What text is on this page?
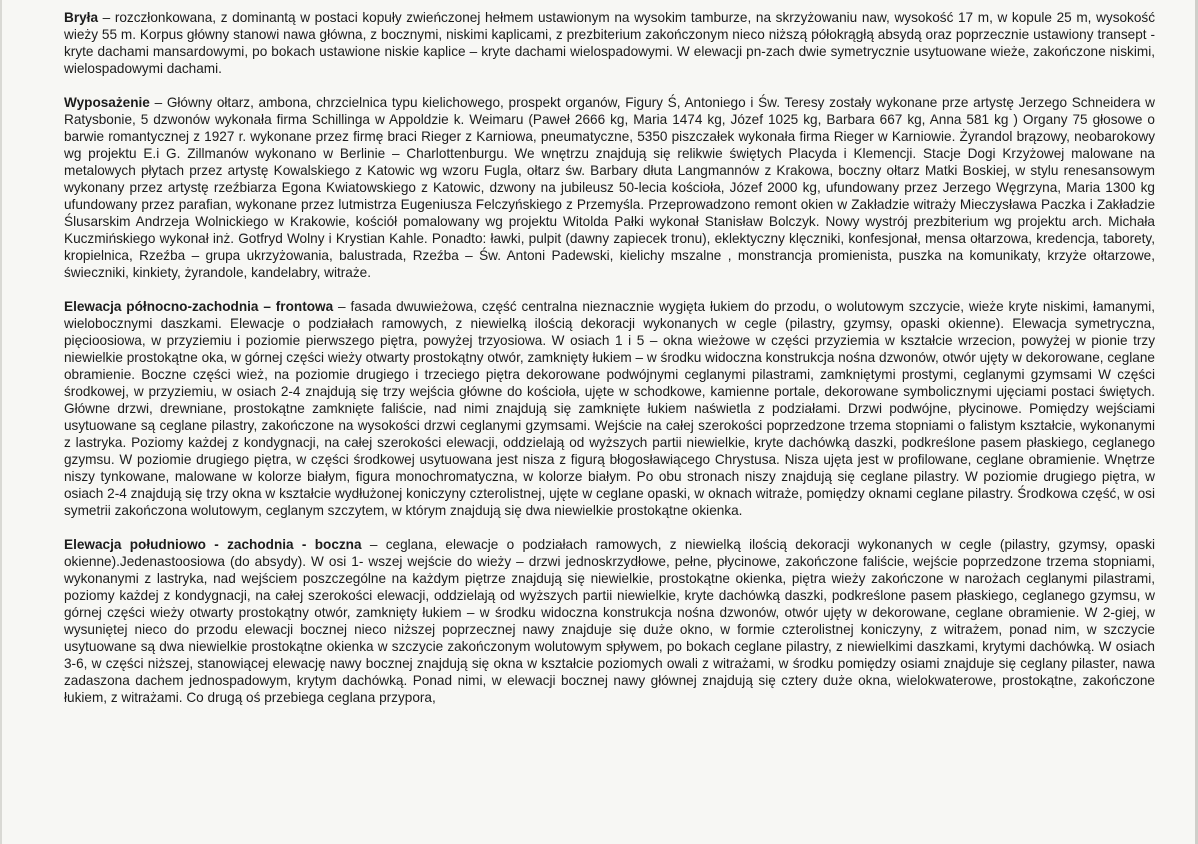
Bryła – rozczłonkowana, z dominantą w postaci kopuły zwieńczonej hełmem ustawionym na wysokim tamburze, na skrzyżowaniu naw, wysokość 17 m, w kopule 25 m, wysokość wieży 55 m. Korpus główny stanowi nawa główna, z bocznymi, niskimi kaplicami, z prezbiterium zakończonym nieco niższą półokrągłą absydą oraz poprzecznie ustawiony transept - kryte dachami mansardowymi, po bokach ustawione niskie kaplice – kryte dachami wielospadowymi. W elewacji pn-zach dwie symetrycznie usytuowane wieże, zakończone niskimi, wielospadowymi dachami.

Wyposażenie – Główny ołtarz, ambona, chrzcielnica typu kielichowego, prospekt organów, Figury Ś, Antoniego i Św. Teresy zostały wykonane prze artystę Jerzego Schneidera w Ratysbonie, 5 dzwonów wykonała firma Schillinga w Appoldzie k. Weimaru (Paweł 2666 kg, Maria 1474 kg, Józef 1025 kg, Barbara 667 kg, Anna 581 kg ) Organy 75 głosowe o barwie romantycznej z 1927 r. wykonane przez firmę braci Rieger z Karniowa, pneumatyczne, 5350 piszczałek wykonała firma Rieger w Karniowie. Żyrandol brązowy, neobarokowy wg projektu E.i G. Zillmanów wykonano w Berlinie – Charlottenburgu. We wnętrzu znajdują się relikwie świętych Placyda i Klemencji. Stacje Dogi Krzyżowej malowane na metalowych płytach przez artystę Kowalskiego z Katowic wg wzoru Fugla, ołtarz św. Barbary dłuta Langmannów z Krakowa, boczny ołtarz Matki Boskiej, w stylu renesansowym wykonany przez artystę rzeźbiarza Egona Kwiatowskiego z Katowic, dzwony na jubileusz 50-lecia kościoła, Józef 2000 kg, ufundowany przez Jerzego Węgrzyna, Maria 1300 kg ufundowany przez parafian, wykonane przez lutmistrza Eugeniusza Felczyńskiego z Przemyśla. Przeprowadzono remont okien w Zakładzie witraży Mieczysława Paczka i Zakładzie Ślusarskim Andrzeja Wolnickiego w Krakowie, kościół pomalowany wg projektu Witolda Pałki wykonał Stanisław Bolczyk. Nowy wystrój prezbiterium wg projektu arch. Michała Kuczmińskiego wykonał inż. Gotfryd Wolny i Krystian Kahle. Ponadto: ławki, pulpit (dawny zapiecek tronu), eklektyczny klęczniki, konfesjonał, mensa ołtarzowa, kredencja, taborety, kropielnica, Rzeźba – grupa ukrzyżowania, balustrada, Rzeźba – Św. Antoni Padewski, kielichy mszalne , monstrancja promienista, puszka na komunikaty, krzyże ołtarzowe, świeczniki, kinkiety, żyrandole, kandelabry, witraże.

Elewacja północno-zachodnia – frontowa – fasada dwuwieżowa, część centralna nieznacznie wygięta łukiem do przodu, o wolutowym szczycie, wieże kryte niskimi, łamanymi, wielobocznymi daszkami. Elewacje o podziałach ramowych, z niewielką ilością dekoracji wykonanych w cegle (pilastry, gzymsy, opaski okienne). Elewacja symetryczna, pięcioosiowa, w przyziemiu i poziomie pierwszego piętra, powyżej trzyosiowa. W osiach 1 i 5 – okna wieżowe w części przyziemia w kształcie wrzecion, powyżej w pionie trzy niewielkie prostokątne oka, w górnej części wieży otwarty prostokątny otwór, zamknięty łukiem – w środku widoczna konstrukcja nośna dzwonów, otwór ujęty w dekorowane, ceglane obramienie. Boczne części wież, na poziomie drugiego i trzeciego piętra dekorowane podwójnymi ceglanymi pilastrami, zamkniętymi prostymi, ceglanymi gzymsami W części środkowej, w przyziemiu, w osiach 2-4 znajdują się trzy wejścia główne do kościoła, ujęte w schodkowe, kamienne portale, dekorowane symbolicznymi ujęciami postaci świętych. Główne drzwi, drewniane, prostokątne zamknięte faliście, nad nimi znajdują się zamknięte łukiem naświetla z podziałami. Drzwi podwójne, płycinowe. Pomiędzy wejściami usytuowane są ceglane pilastry, zakończone na wysokości drzwi ceglanymi gzymsami. Wejście na całej szerokości poprzedzone trzema stopniami o falistym kształcie, wykonanymi z lastryka. Poziomy każdej z kondygnacji, na całej szerokości elewacji, oddzielają od wyższych partii niewielkie, kryte dachówką daszki, podkreślone pasem płaskiego, ceglanego gzymsu. W poziomie drugiego piętra, w części środkowej usytuowana jest nisza z figurą błogosławiącego Chrystusa. Nisza ujęta jest w profilowane, ceglane obramienie. Wnętrze niszy tynkowane, malowane w kolorze białym, figura monochromatyczna, w kolorze białym. Po obu stronach niszy znajdują się ceglane pilastry. W poziomie drugiego piętra, w osiach 2-4 znajdują się trzy okna w kształcie wydłużonej koniczyny czterolistnej, ujęte w ceglane opaski, w oknach witraże, pomiędzy oknami ceglane pilastry. Środkowa część, w osi symetrii zakończona wolutowym, ceglanym szczytem, w którym znajdują się dwa niewielkie prostokątne okienka.

Elewacja południowo - zachodnia - boczna – ceglana, elewacje o podziałach ramowych, z niewielką ilością dekoracji wykonanych w cegle (pilastry, gzymsy, opaski okienne).Jedenastoosiowa (do absydy). W osi 1- wszej wejście do wieży – drzwi jednoskrzydłowe, pełne, płycinowe, zakończone faliście, wejście poprzedzone trzema stopniami, wykonanymi z lastryka, nad wejściem poszczególne na każdym piętrze znajdują się niewielkie, prostokątne okienka, piętra wieży zakończone w narożach ceglanymi pilastrami, poziomy każdej z kondygnacji, na całej szerokości elewacji, oddzielają od wyższych partii niewielkie, kryte dachówką daszki, podkreślone pasem płaskiego, ceglanego gzymsu, w górnej części wieży otwarty prostokątny otwór, zamknięty łukiem – w środku widoczna konstrukcja nośna dzwonów, otwór ujęty w dekorowane, ceglane obramienie. W 2-giej, w wysuniętej nieco do przodu elewacji bocznej nieco niższej poprzecznej nawy znajduje się duże okno, w formie czterolistnej koniczyny, z witrażem, ponad nim, w szczycie usytuowane są dwa niewielkie prostokątne okienka w szczycie zakończonym wolutowym spływem, po bokach ceglane pilastry, z niewielkimi daszkami, krytymi dachówką. W osiach 3-6, w części niższej, stanowiącej elewację nawy bocznej znajdują się okna w kształcie poziomych owali z witrażami, w środku pomiędzy osiami znajduje się ceglany pilaster, nawa zadaszona dachem jednospadowym, krytym dachówką. Ponad nimi, w elewacji bocznej nawy głównej znajdują się cztery duże okna, wielokwaterowe, prostokątne, zakończone łukiem, z witrażami. Co drugą oś przebiega ceglana przypora,
